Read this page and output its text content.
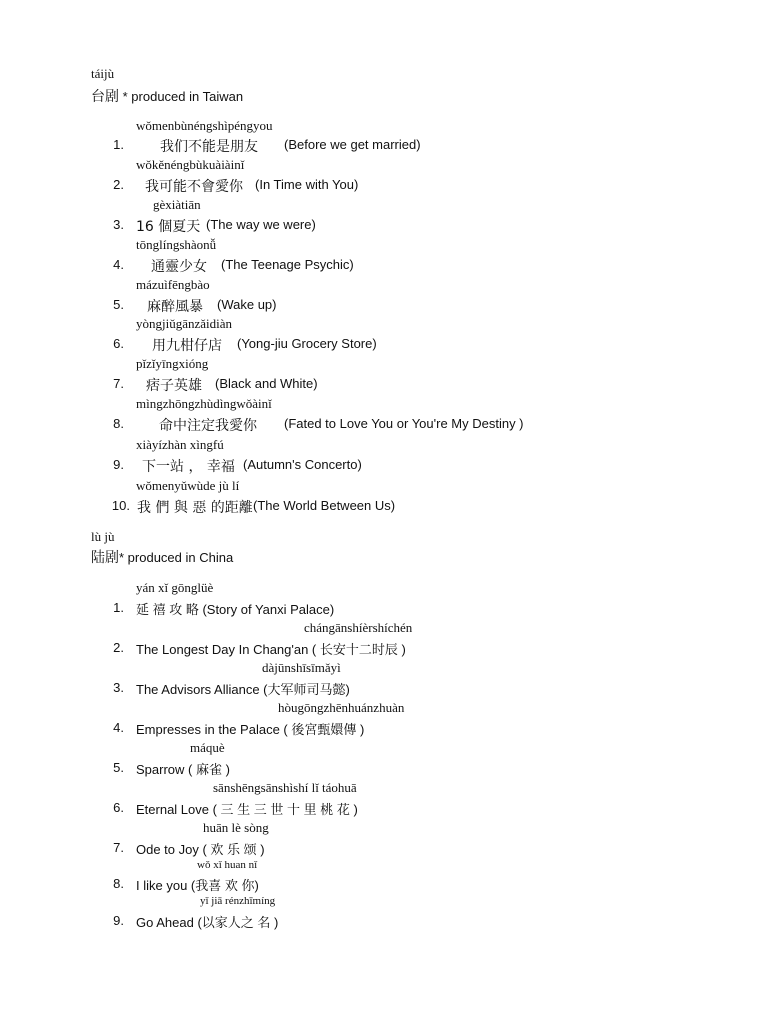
táijù
台剧 * produced in Taiwan
wǒmenbùnéngshìpéngyou
1.	我们不能是朋友 (Before we get married)
wǒkěnéngbùkuàiàinǐ
2. 我可能不會愛你 (In Time with You)
gèxiàtiān
3. 16 個夏天 (The way we were)
tōnglíngshàonǚ
4. 通靈少女 (The Teenage Psychic)
mázuìfēngbào
5. 麻醉風暴 (Wake up)
yòngjiǔgānzǎidiàn
6. 用九柑仔店 (Yong-jiu Grocery Store)
pǐzǐyīngxióng
7. 痞子英雄 (Black and White)
mìngzhōngzhùdìngwǒàinǐ
8.	命中注定我愛你 (Fated to Love You or You're My Destiny )
xiàyízhàn xìngfú
9. 下一站 ， 幸福 (Autumn's Concerto)
wǒmenyǔwùde jù lí
10. 我 們 與 惡 的距離 (The World Between Us)
lù jù
陆剧* produced in China
yán xǐ gōnglüè
1. 延 禧 攻 略 (Story of Yanxi Palace)
chángānshíèrshíchén
2. The Longest Day In Chang'an ( 长安十二时辰 )
dàjūnshīsīmǎyì
3. The Advisors Alliance (大军师司马懿)
hòugōngzhēnhuánzhuàn
4. Empresses in the Palace ( 後宮甄嬛傳 )
máquè
5. Sparrow ( 麻雀 )
sānshēngsānshìshí lǐ táohuā
6. Eternal Love ( 三 生 三 世 十 里 桃 花 )
huān lè sòng
7. Ode to Joy ( 欢 乐 颂 )
wǒ xǐ huan nǐ
8. I like you (我喜 欢 你)
yǐ jiā rénzhīmíng
9. Go Ahead (以家人之 名 )
